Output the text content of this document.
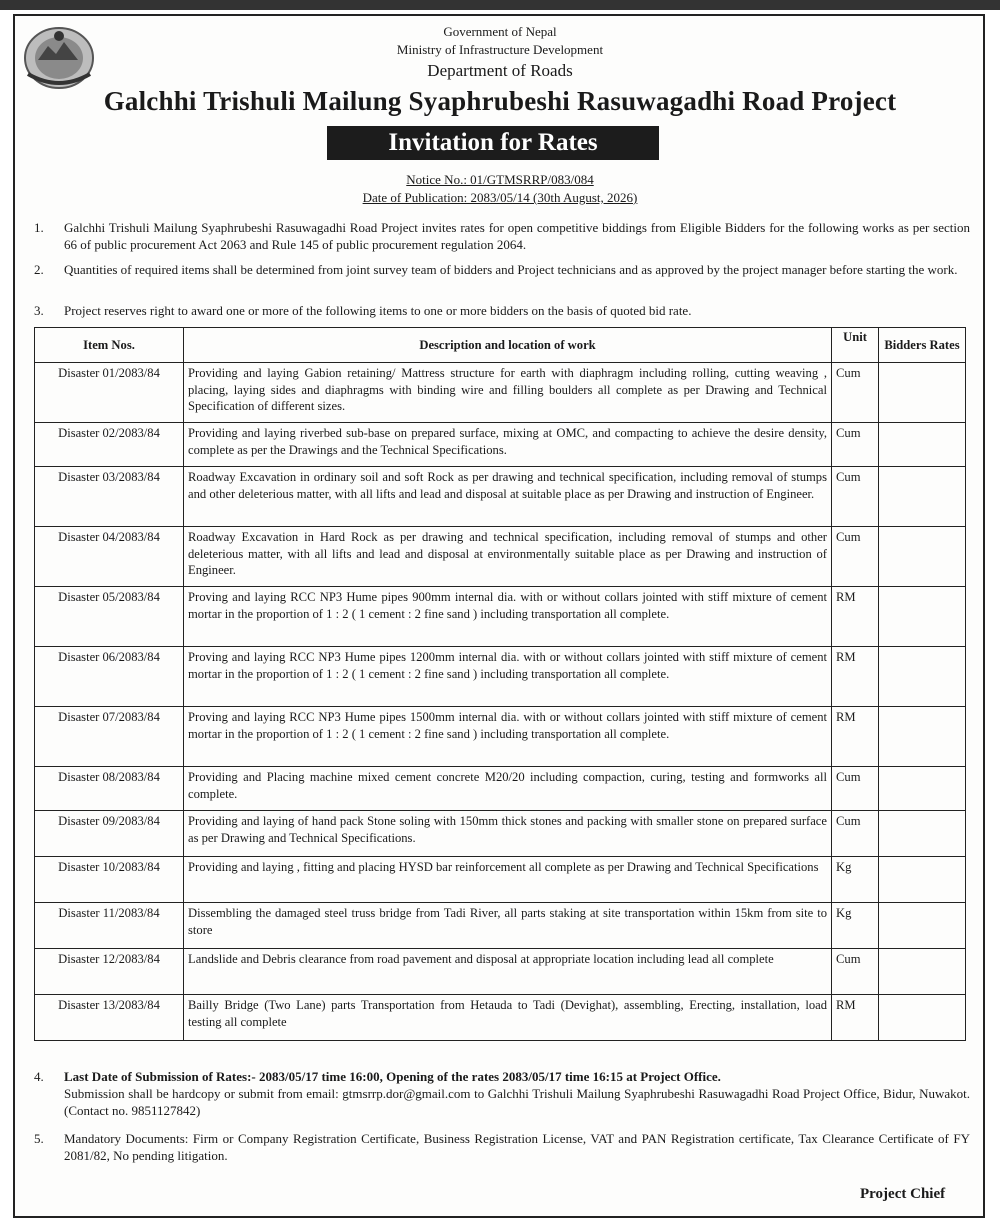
Government of Nepal
Ministry of Infrastructure Development
Department of Roads
Galchhi Trishuli Mailung Syaphrubeshi Rasuwagadhi Road Project
Invitation for Rates
Notice No.: 01/GTMSRRP/083/084
Date of Publication: 2083/05/14 (30th August, 2026)
1.	Galchhi Trishuli Mailung Syaphrubeshi Rasuwagadhi Road Project invites rates for open competitive biddings from Eligible Bidders for the following works as per section 66 of public procurement Act 2063 and Rule 145 of public procurement regulation 2064.
2.	Quantities of required items shall be determined from joint survey team of bidders and Project technicians and as approved by the project manager before starting the work.
3.	Project reserves right to award one or more of the following items to one or more bidders on the basis of quoted bid rate.
Item Nos.	Description and location of work	Unit	Bidders Rates
Disaster 01/2083/84	Providing and laying Gabion retaining/ Mattress structure for earth with diaphragm including rolling, cutting weaving , placing, laying sides and diaphragms with binding wire and filling boulders all complete as per Drawing and Technical Specification of different sizes.	Cum	
Disaster 02/2083/84	Providing and laying riverbed sub-base on prepared surface, mixing at OMC, and compacting to achieve the desire density, complete as per the Drawings and the Technical Specifications.	Cum	
Disaster 03/2083/84	Roadway Excavation in ordinary soil and soft Rock as per drawing and technical specification, including removal of stumps and other deleterious matter, with all lifts and lead and disposal at suitable place as per Drawing and instruction of Engineer.	Cum	
Disaster 04/2083/84	Roadway Excavation in Hard Rock as per drawing and technical specification, including removal of stumps and other deleterious matter, with all lifts and lead and disposal at environmentally suitable place as per Drawing and instruction of Engineer.	Cum	
Disaster 05/2083/84	Proving and laying RCC NP3 Hume pipes 900mm internal dia. with or without collars jointed with stiff mixture of cement mortar in the proportion of 1 : 2 ( 1 cement : 2 fine sand ) including transportation all complete.	RM	
Disaster 06/2083/84	Proving and laying RCC NP3 Hume pipes 1200mm internal dia. with or without collars jointed with stiff mixture of cement mortar in the proportion of 1 : 2 ( 1 cement : 2 fine sand ) including transportation all complete.	RM	
Disaster 07/2083/84	Proving and laying RCC NP3 Hume pipes 1500mm internal dia. with or without collars jointed with stiff mixture of cement mortar in the proportion of 1 : 2 ( 1 cement : 2 fine sand ) including transportation all complete.	RM	
Disaster 08/2083/84	Providing and Placing machine mixed cement concrete M20/20 including compaction, curing, testing and formworks all complete.	Cum	
Disaster 09/2083/84	Providing and laying of hand pack Stone soling with 150mm thick stones and packing with smaller stone on prepared surface as per Drawing and Technical Specifications.	Cum	
Disaster 10/2083/84	Providing and laying , fitting and placing HYSD bar reinforcement all complete as per Drawing and Technical Specifications	Kg	
Disaster 11/2083/84	Dissembling the damaged steel truss bridge from Tadi River, all parts staking at site transportation within 15km from site to store	Kg	
Disaster 12/2083/84	Landslide and Debris clearance from road pavement and disposal at appropriate location including lead all complete	Cum	
Disaster 13/2083/84	Bailly Bridge (Two Lane) parts Transportation from Hetauda to Tadi (Devighat), assembling, Erecting, installation, load testing all complete	RM	
4.	Last Date of Submission of Rates:- 2083/05/17 time 16:00, Opening of the rates 2083/05/17 time 16:15 at Project Office.
Submission shall be hardcopy or submit from email: gtmsrrp.dor@gmail.com to Galchhi Trishuli Mailung Syaphrubeshi Rasuwagadhi Road Project Office, Bidur, Nuwakot. (Contact no. 9851127842)
5.	Mandatory Documents: Firm or Company Registration Certificate, Business Registration License, VAT and PAN Registration certificate, Tax Clearance Certificate of FY 2081/82, No pending litigation.
Project Chief
